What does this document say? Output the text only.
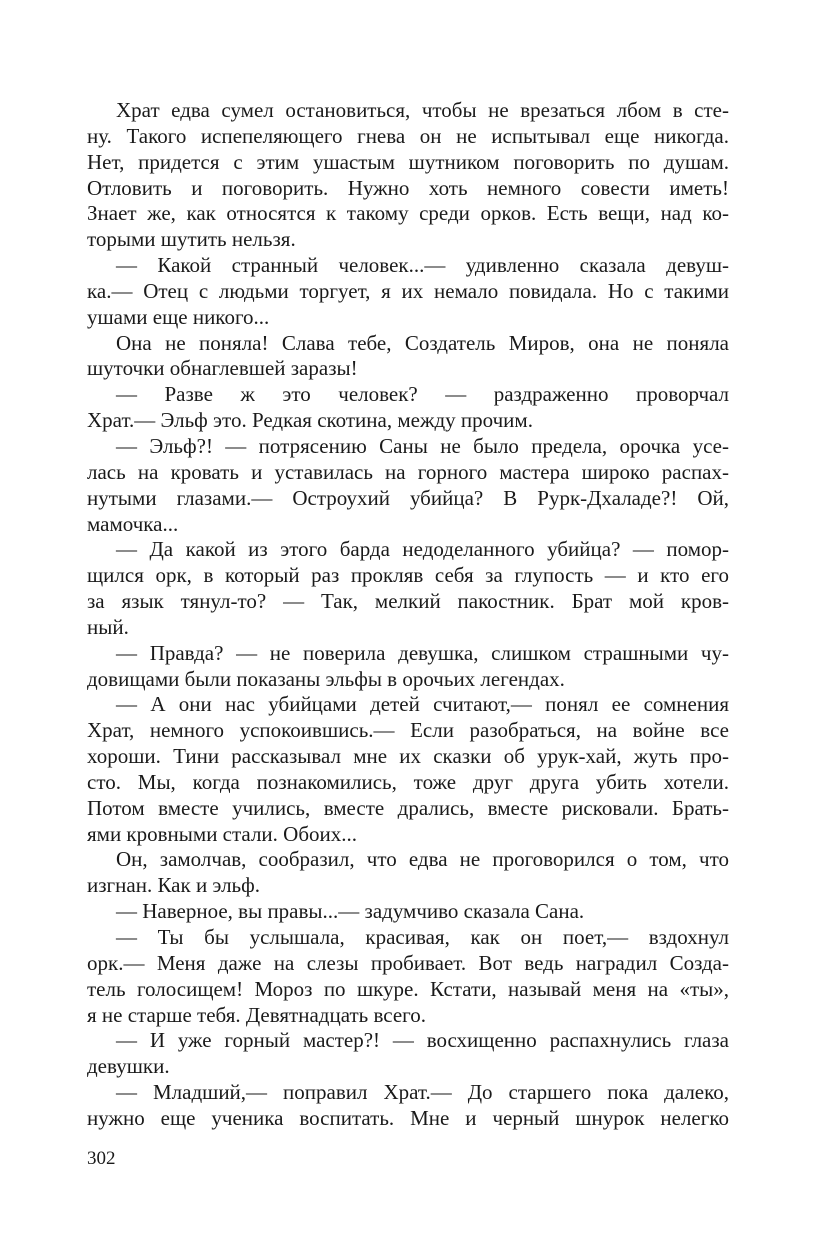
Храт едва сумел остановиться, чтобы не врезаться лбом в сте-
ну. Такого испепеляющего гнева он не испытывал еще никогда.
Нет, придется с этим ушастым шутником поговорить по душам.
Отловить и поговорить. Нужно хоть немного совести иметь!
Знает же, как относятся к такому среди орков. Есть вещи, над ко-
торыми шутить нельзя.
— Какой странный человек...— удивленно сказала девуш-
ка.— Отец с людьми торгует, я их немало повидала. Но с такими
ушами еще никого...
Она не поняла! Слава тебе, Создатель Миров, она не поняла
шуточки обнаглевшей заразы!
— Разве ж это человек? — раздраженно проворчал
Храт.— Эльф это. Редкая скотина, между прочим.
— Эльф?! — потрясению Саны не было предела, орочка усе-
лась на кровать и уставилась на горного мастера широко распах-
нутыми глазами.— Остроухий убийца? В Рурк-Дхаладе?! Ой,
мамочка...
— Да какой из этого барда недоделанного убийца? — помор-
щился орк, в который раз прокляв себя за глупость — и кто его
за язык тянул-то? — Так, мелкий пакостник. Брат мой кров-
ный.
— Правда? — не поверила девушка, слишком страшными чу-
довищами были показаны эльфы в орочьих легендах.
— А они нас убийцами детей считают,— понял ее сомнения
Храт, немного успокоившись.— Если разобраться, на войне все
хороши. Тини рассказывал мне их сказки об урук-хай, жуть про-
сто. Мы, когда познакомились, тоже друг друга убить хотели.
Потом вместе учились, вместе дрались, вместе рисковали. Брать-
ями кровными стали. Обоих...
Он, замолчав, сообразил, что едва не проговорился о том, что
изгнан. Как и эльф.
— Наверное, вы правы...— задумчиво сказала Сана.
— Ты бы услышала, красивая, как он поет,— вздохнул
орк.— Меня даже на слезы пробивает. Вот ведь наградил Созда-
тель голосищем! Мороз по шкуре. Кстати, называй меня на «ты»,
я не старше тебя. Девятнадцать всего.
— И уже горный мастер?! — восхищенно распахнулись глаза
девушки.
— Младший,— поправил Храт.— До старшего пока далеко,
нужно еще ученика воспитать. Мне и черный шнурок нелегко
302
